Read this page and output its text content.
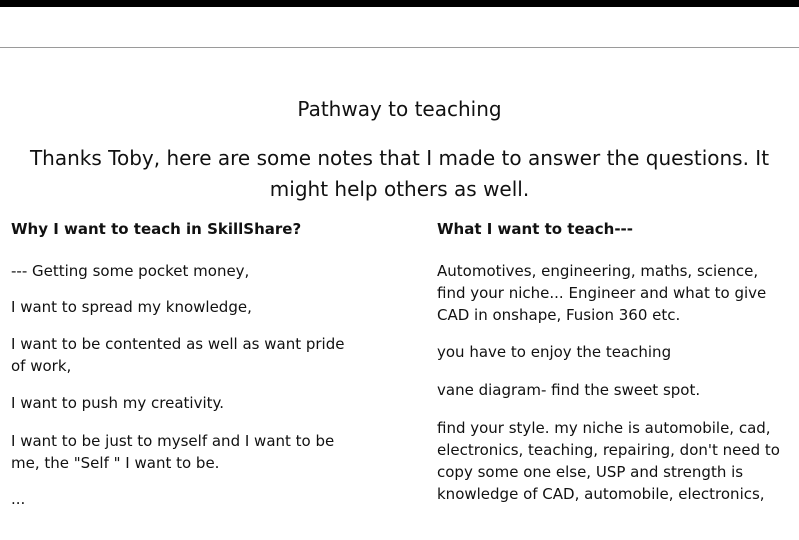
Pathway to teaching
Thanks Toby, here are some notes that I made to answer the questions. It might help others as well.
Why I want to teach in SkillShare?

--- Getting some pocket money,

I want to spread my knowledge,

I want to be contented as well as want pride
of work,

I want to push my creativity.

I want to be just to myself and I want to be
me, the "Self " I want to be.

...

What I want to teach---

Automotives, engineering, maths, science,
find your niche... Engineer and what to give
CAD in onshape, Fusion 360 etc.

you have to enjoy the teaching

vane diagram- find the sweet spot.

find your style. my niche is automobile, cad,
electronics, teaching, repairing, don't need to
copy some one else, USP and strength is
knowledge of CAD, automobile, electronics,
